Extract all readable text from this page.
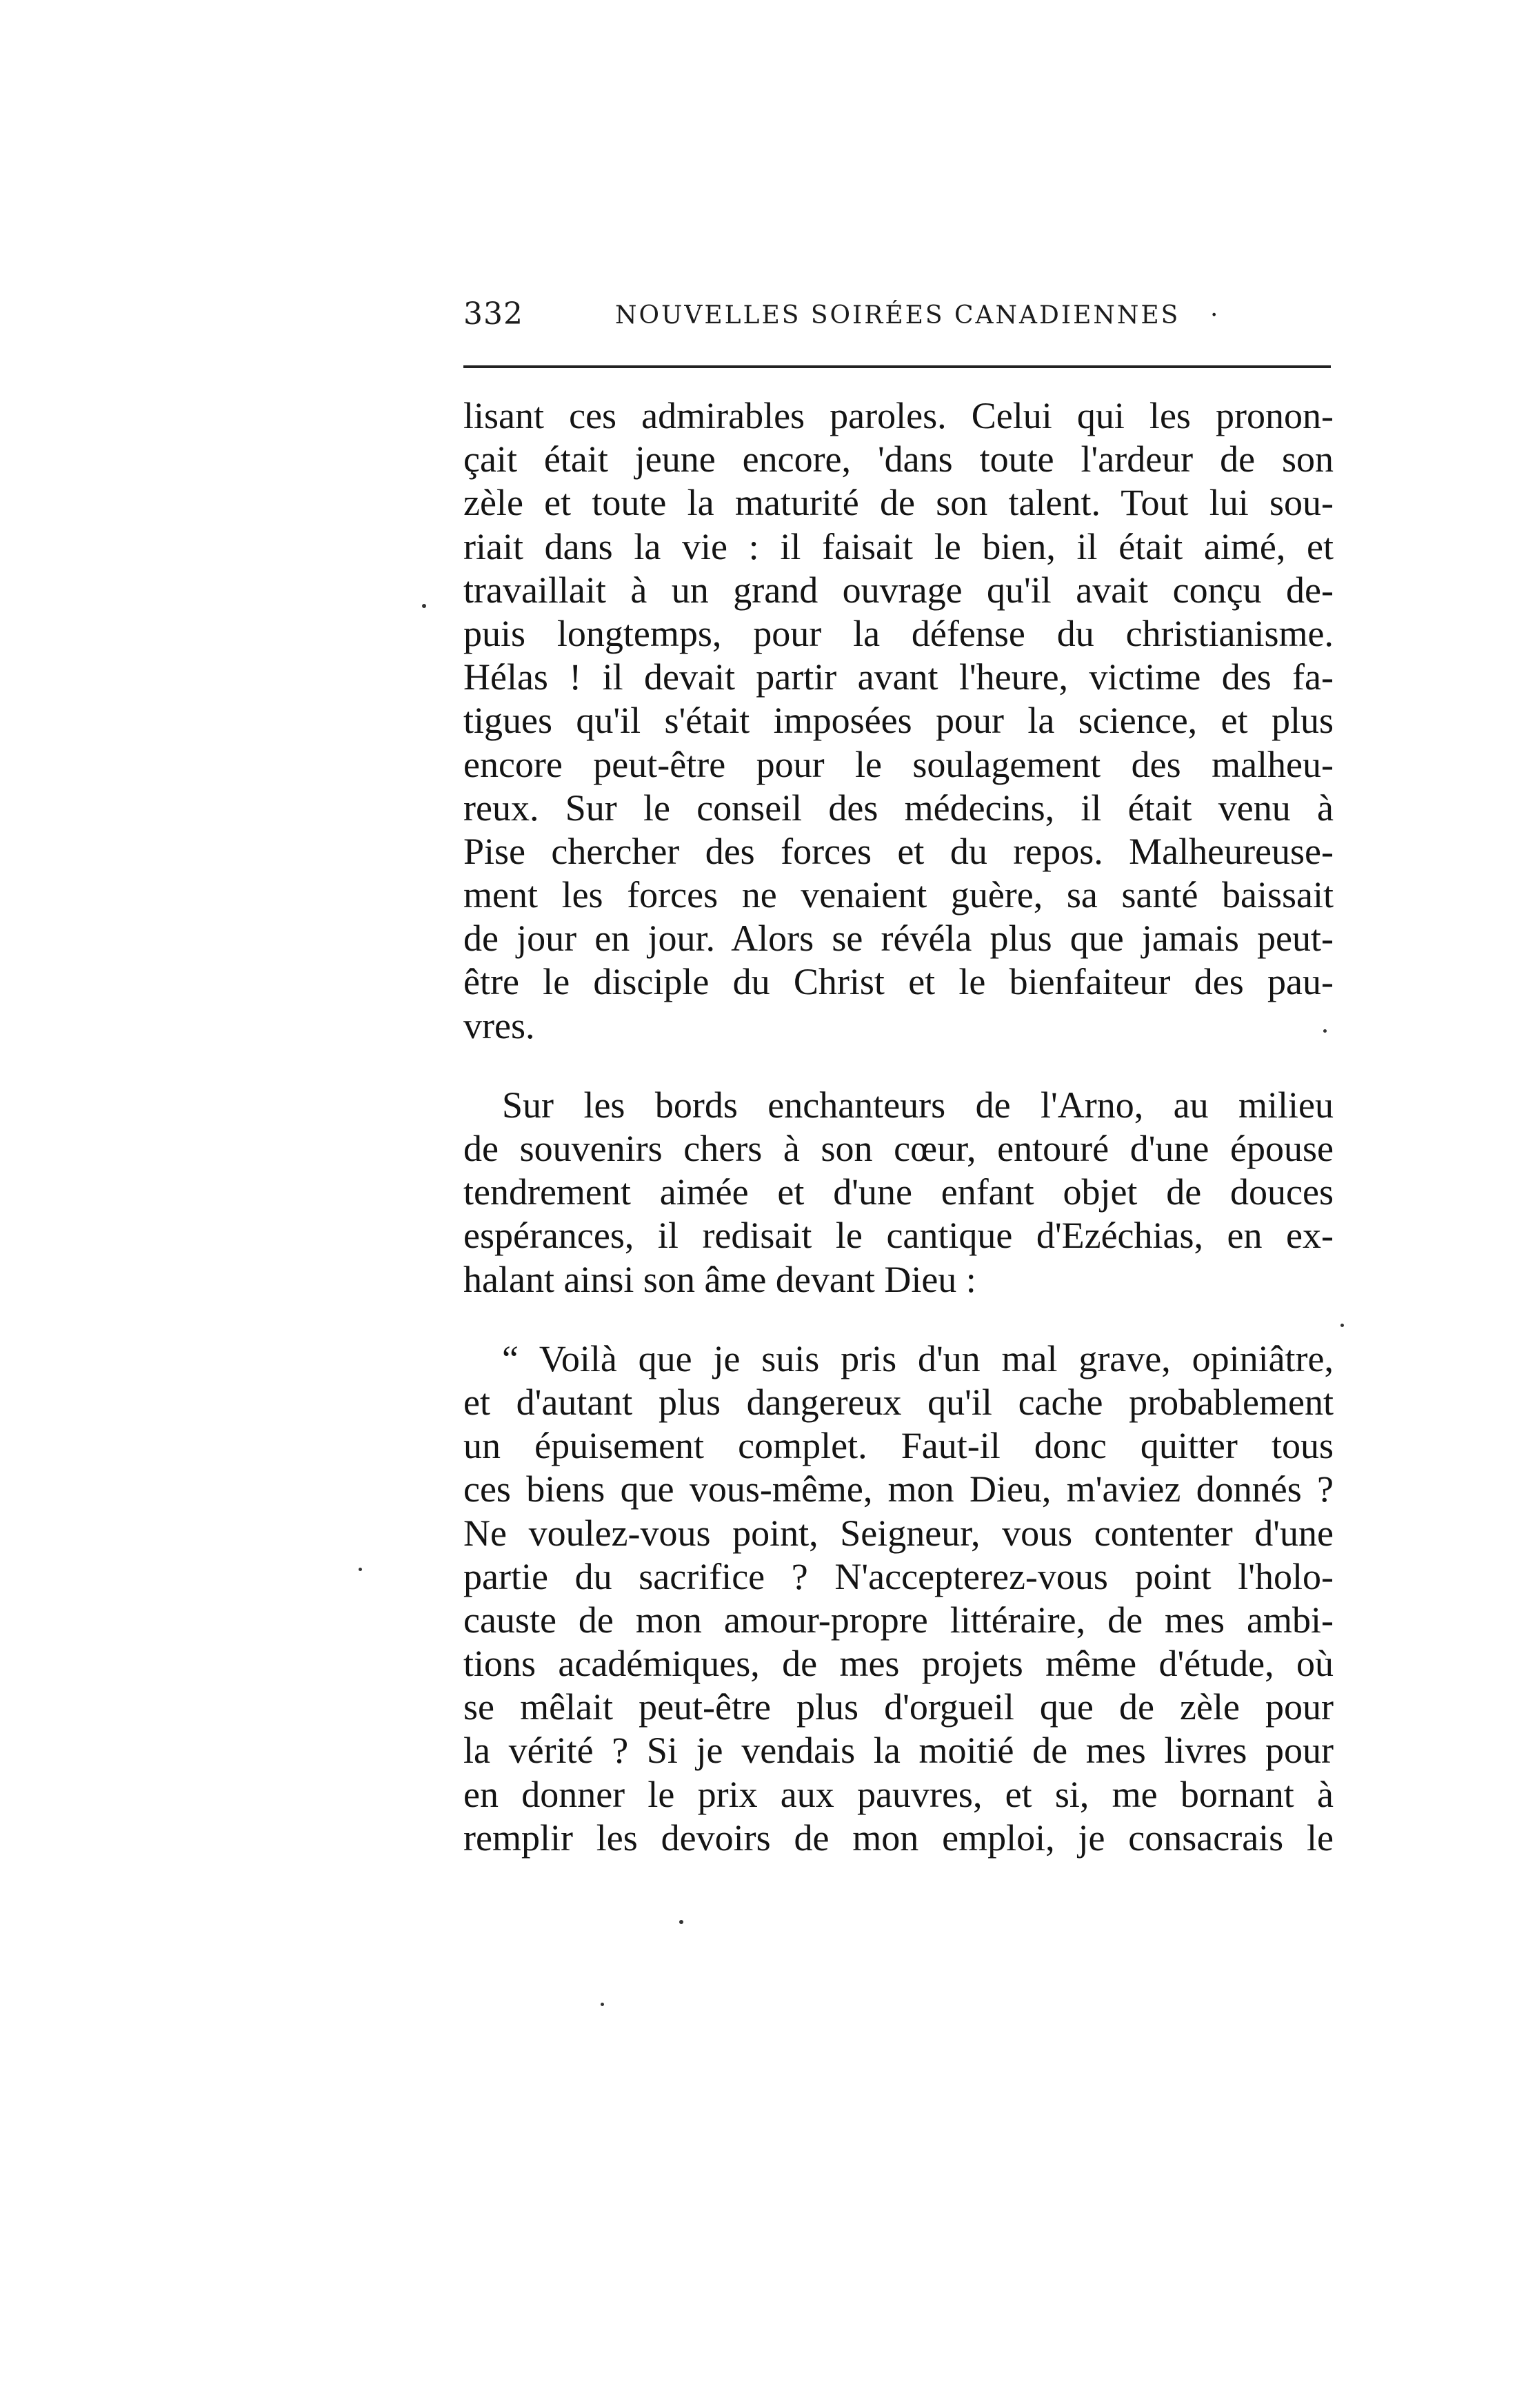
332	NOUVELLES SOIRÉES CANADIENNES ·
lisant ces admirables paroles. Celui qui les pronon-
çait était jeune encore, 'dans toute l'ardeur de son
zèle et toute la maturité de son talent. Tout lui sou-
riait dans la vie : il faisait le bien, il était aimé, et
travaillait à un grand ouvrage qu'il avait conçu de-
puis longtemps, pour la défense du christianisme.
Hélas ! il devait partir avant l'heure, victime des fa-
tigues qu'il s'était imposées pour la science, et plus
encore peut-être pour le soulagement des malheu-
reux. Sur le conseil des médecins, il était venu à
Pise chercher des forces et du repos. Malheureuse-
ment les forces ne venaient guère, sa santé baissait
de jour en jour. Alors se révéla plus que jamais peut-
être le disciple du Christ et le bienfaiteur des pau-
vres.
Sur les bords enchanteurs de l'Arno, au milieu
de souvenirs chers à son cœur, entouré d'une épouse
tendrement aimée et d'une enfant objet de douces
espérances, il redisait le cantique d'Ezéchias, en ex-
halant ainsi son âme devant Dieu :
“ Voilà que je suis pris d'un mal grave, opiniâtre,
et d'autant plus dangereux qu'il cache probablement
un épuisement complet. Faut-il donc quitter tous
ces biens que vous-même, mon Dieu, m'aviez donnés ?
Ne voulez-vous point, Seigneur, vous contenter d'une
partie du sacrifice ? N'accepterez-vous point l'holo-
causte de mon amour-propre littéraire, de mes ambi-
tions académiques, de mes projets même d'étude, où
se mêlait peut-être plus d'orgueil que de zèle pour
la vérité ? Si je vendais la moitié de mes livres pour
en donner le prix aux pauvres, et si, me bornant à
remplir les devoirs de mon emploi, je consacrais le
